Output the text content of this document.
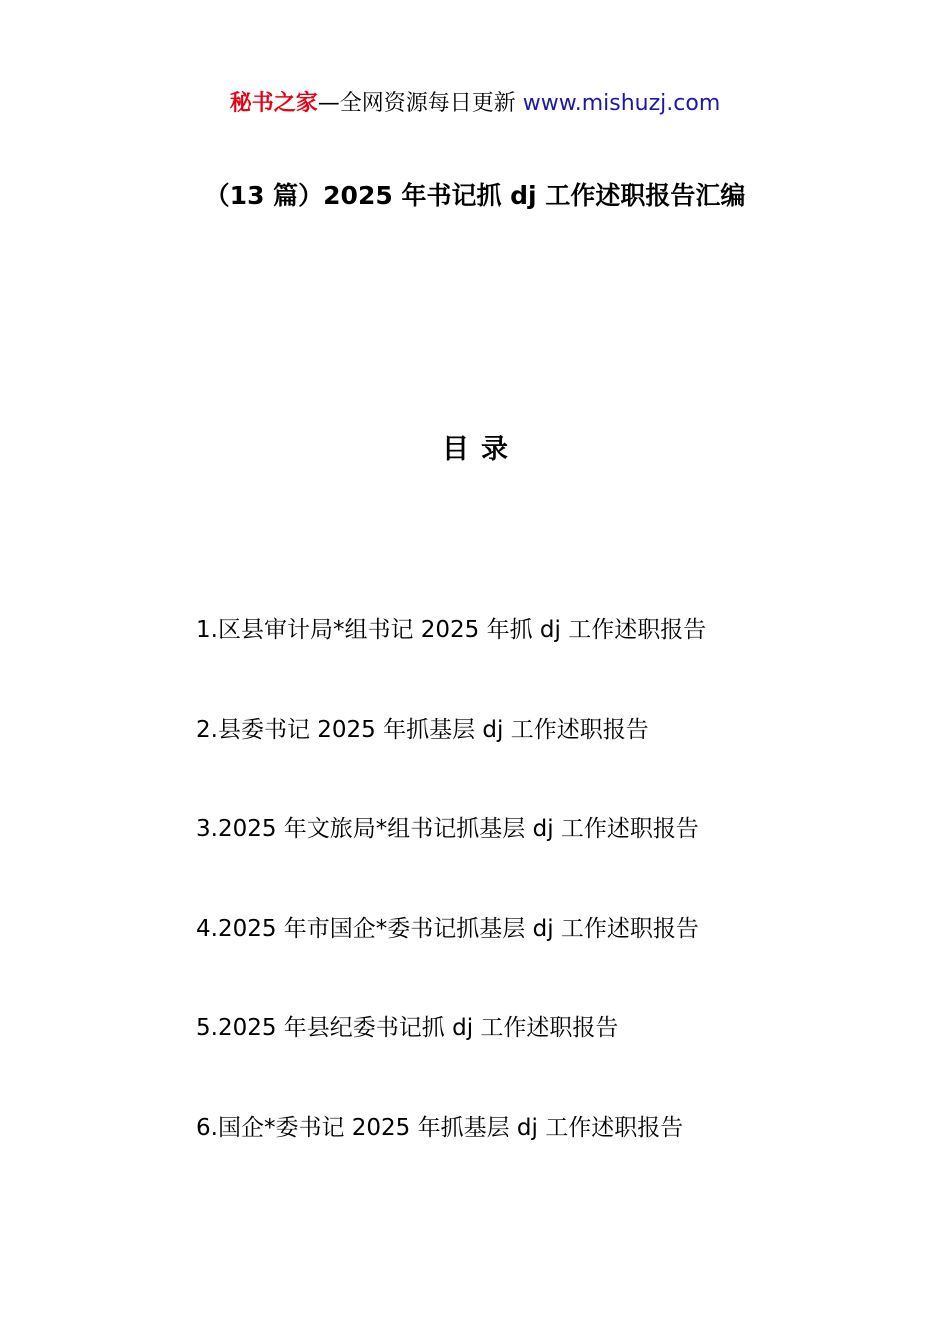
秘书之家—全网资源每日更新 www.mishuzj.com
（13 篇）2025 年书记抓 dj 工作述职报告汇编
目录
1.区县审计局*组书记 2025 年抓 dj 工作述职报告
2.县委书记 2025 年抓基层 dj 工作述职报告
3.2025 年文旅局*组书记抓基层 dj 工作述职报告
4.2025 年市国企*委书记抓基层 dj 工作述职报告
5.2025 年县纪委书记抓 dj 工作述职报告
6.国企*委书记 2025 年抓基层 dj 工作述职报告
